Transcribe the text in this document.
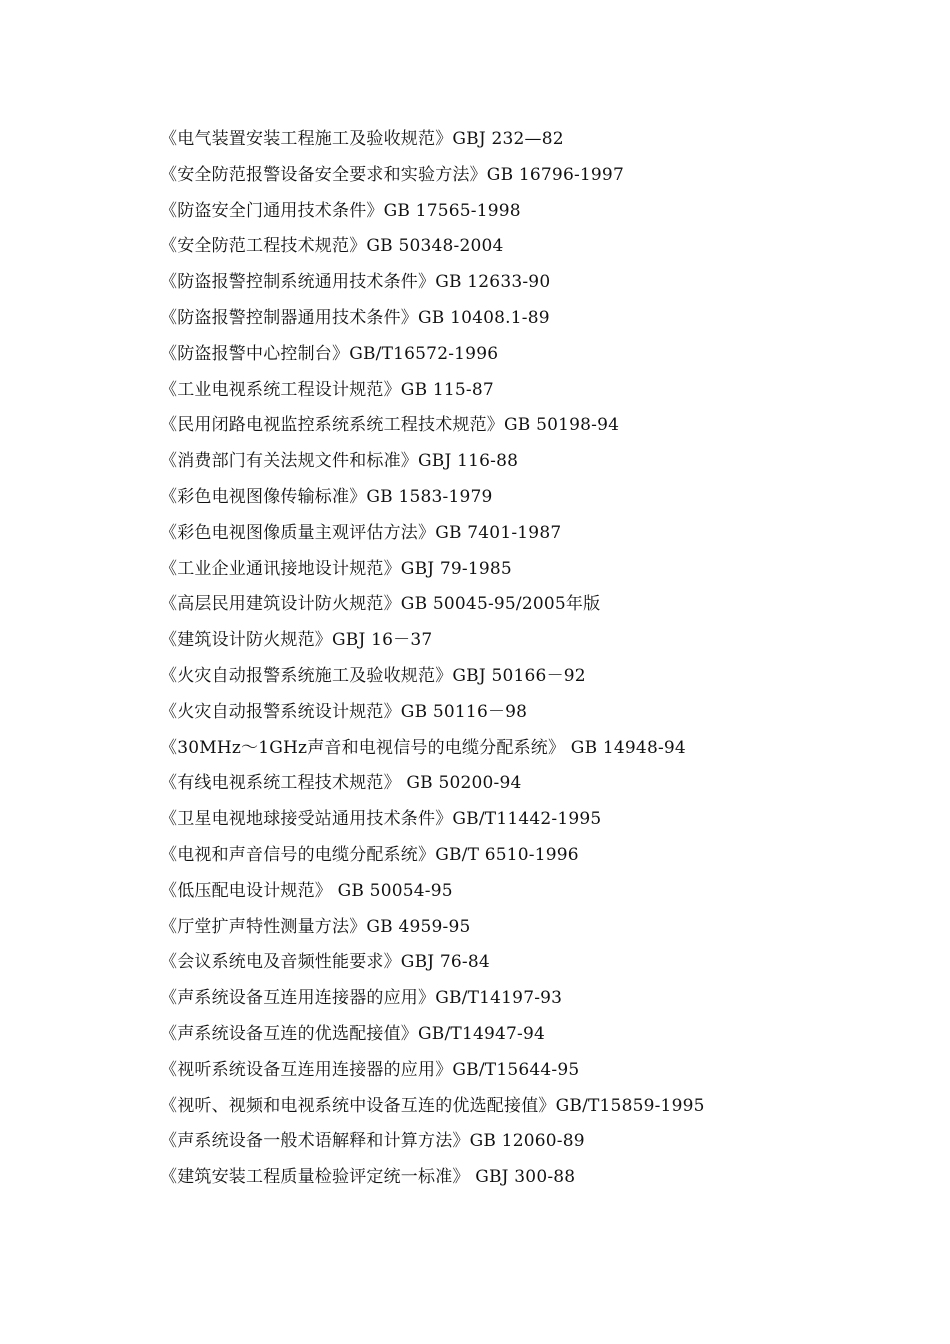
《电气装置安装工程施工及验收规范》GBJ 232—82
《安全防范报警设备安全要求和实验方法》GB 16796-1997
《防盗安全门通用技术条件》GB 17565-1998
《安全防范工程技术规范》GB 50348-2004
《防盗报警控制系统通用技术条件》GB 12633-90
《防盗报警控制器通用技术条件》GB 10408.1-89
《防盗报警中心控制台》GB/T16572-1996
《工业电视系统工程设计规范》GB 115-87
《民用闭路电视监控系统系统工程技术规范》GB 50198-94
《消费部门有关法规文件和标准》GBJ 116-88
《彩色电视图像传输标准》GB 1583-1979
《彩色电视图像质量主观评估方法》GB 7401-1987
《工业企业通讯接地设计规范》GBJ 79-1985
《高层民用建筑设计防火规范》GB 50045-95/2005年版
《建筑设计防火规范》GBJ 16－37
《火灾自动报警系统施工及验收规范》GBJ 50166－92
《火灾自动报警系统设计规范》GB 50116－98
《30MHz～1GHz声音和电视信号的电缆分配系统》 GB 14948-94
《有线电视系统工程技术规范》 GB 50200-94
《卫星电视地球接受站通用技术条件》GB/T11442-1995
《电视和声音信号的电缆分配系统》GB/T 6510-1996
《低压配电设计规范》 GB 50054-95
《厅堂扩声特性测量方法》GB 4959-95
《会议系统电及音频性能要求》GBJ 76-84
《声系统设备互连用连接器的应用》GB/T14197-93
《声系统设备互连的优选配接值》GB/T14947-94
《视听系统设备互连用连接器的应用》GB/T15644-95
《视听、视频和电视系统中设备互连的优选配接值》GB/T15859-1995
《声系统设备一般术语解释和计算方法》GB 12060-89
《建筑安装工程质量检验评定统一标准》 GBJ 300-88
